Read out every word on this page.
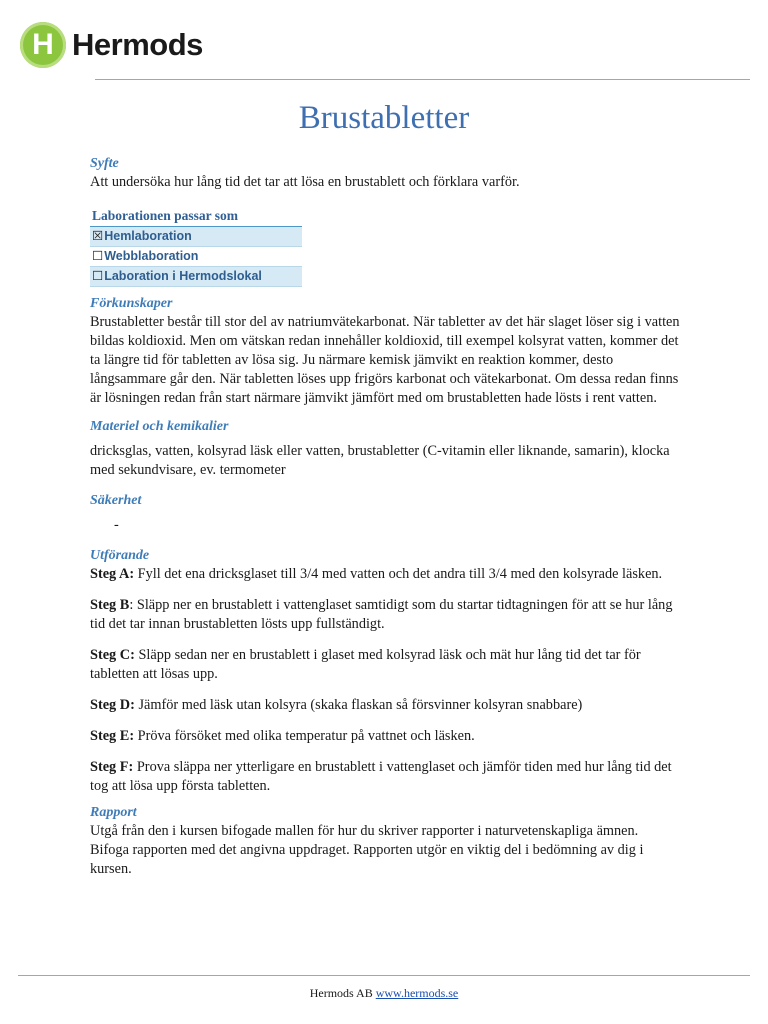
H Hermods
Brustabletter
Syfte

Att undersöka hur lång tid det tar att lösa en brustablett och förklara varför.

Laborationen passar som
☒Hemlaboration
☐Webblaboration
☐Laboration i Hermodslokal
Förkunskaper

Brustabletter består till stor del av natriumvätekarbonat. När tabletter av det här slaget löser sig i vatten bildas koldioxid. Men om vätskan redan innehåller koldioxid, till exempel kolsyrat vatten, kommer det ta längre tid för tabletten av lösa sig. Ju närmare kemisk jämvikt en reaktion kommer, desto långsammare går den. När tabletten löses upp frigörs karbonat och vätekarbonat. Om dessa redan finns är lösningen redan från start närmare jämvikt jämfört med om brustabletten hade lösts i rent vatten.

Materiel och kemikalier

dricksglas, vatten, kolsyrad läsk eller vatten, brustabletter (C-vitamin eller liknande, samarin), klocka med sekundvisare, ev. termometer

Säkerhet

-

Utförande

Steg A: Fyll det ena dricksglaset till 3/4 med vatten och det andra till 3/4 med den kolsyrade läsken.

Steg B: Släpp ner en brustablett i vattenglaset samtidigt som du startar tidtagningen för att se hur lång tid det tar innan brustabletten lösts upp fullständigt.

Steg C: Släpp sedan ner en brustablett i glaset med kolsyrad läsk och mät hur lång tid det tar för tabletten att lösas upp.

Steg D: Jämför med läsk utan kolsyra (skaka flaskan så försvinner kolsyran snabbare)

Steg E: Pröva försöket med olika temperatur på vattnet och läsken.

Steg F: Prova släppa ner ytterligare en brustablett i vattenglaset och jämför tiden med hur lång tid det tog att lösa upp första tabletten.

Rapport

Utgå från den i kursen bifogade mallen för hur du skriver rapporter i naturvetenskapliga ämnen. Bifoga rapporten med det angivna uppdraget. Rapporten utgör en viktig del i bedömning av dig i kursen.

Hermods AB www.hermods.se
